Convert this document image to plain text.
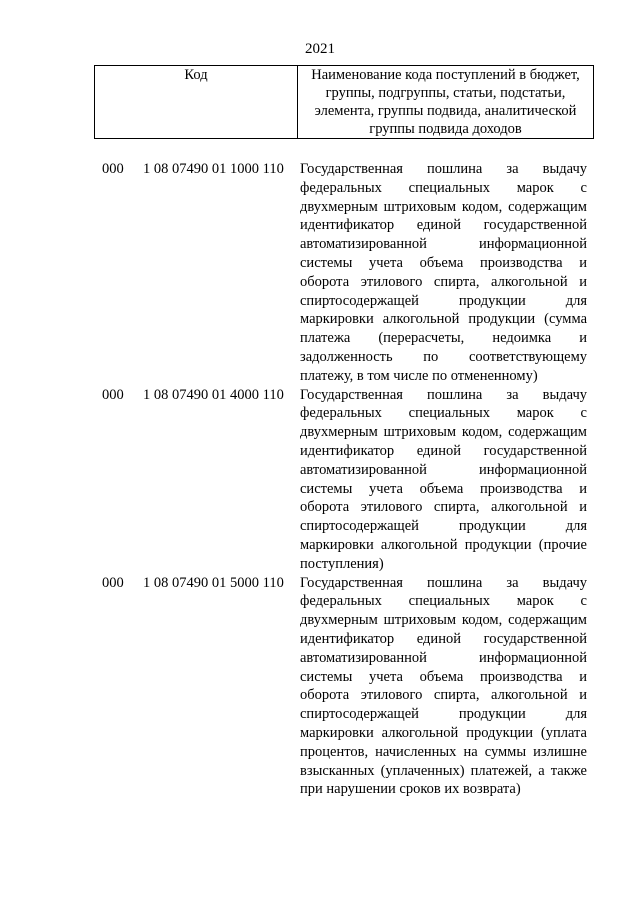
2021
Код	Наименование кода поступлений в бюджет, группы, подгруппы, статьи, подстатьи, элемента, группы подвида, аналитической группы подвида доходов
000 1 08 07490 01 1000 110 Государственная пошлина за выдачу федеральных специальных марок с двухмерным штриховым кодом, содержащим идентификатор единой государственной автоматизированной информационной системы учета объема производства и оборота этилового спирта, алкогольной и спиртосодержащей продукции для маркировки алкогольной продукции (сумма платежа (перерасчеты, недоимка и задолженность по соответствующему платежу, в том числе по отмененному)
000 1 08 07490 01 4000 110 Государственная пошлина за выдачу федеральных специальных марок с двухмерным штриховым кодом, содержащим идентификатор единой государственной автоматизированной информационной системы учета объема производства и оборота этилового спирта, алкогольной и спиртосодержащей продукции для маркировки алкогольной продукции (прочие поступления)
000 1 08 07490 01 5000 110 Государственная пошлина за выдачу федеральных специальных марок с двухмерным штриховым кодом, содержащим идентификатор единой государственной автоматизированной информационной системы учета объема производства и оборота этилового спирта, алкогольной и спиртосодержащей продукции для маркировки алкогольной продукции (уплата процентов, начисленных на суммы излишне взысканных (уплаченных) платежей, а также при нарушении сроков их возврата)
